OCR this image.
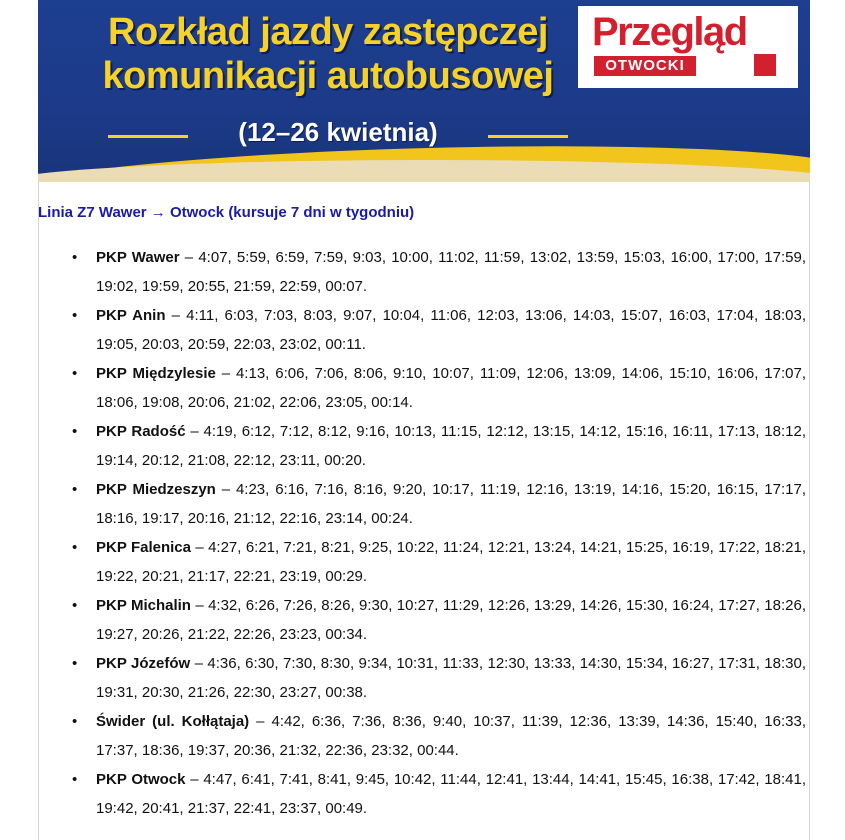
Rozkład jazdy zastępczej
komunikacji autobusowej
(12–26 kwietnia)
Przegląd
OTWOCKI
Linia Z7 Wawer → Otwock (kursuje 7 dni w tygodniu)
• PKP Wawer – 4:07, 5:59, 6:59, 7:59, 9:03, 10:00, 11:02, 11:59, 13:02, 13:59, 15:03, 16:00, 17:00, 17:59, 19:02, 19:59, 20:55, 21:59, 22:59, 00:07.
• PKP Anin – 4:11, 6:03, 7:03, 8:03, 9:07, 10:04, 11:06, 12:03, 13:06, 14:03, 15:07, 16:03, 17:04, 18:03, 19:05, 20:03, 20:59, 22:03, 23:02, 00:11.
• PKP Międzylesie – 4:13, 6:06, 7:06, 8:06, 9:10, 10:07, 11:09, 12:06, 13:09, 14:06, 15:10, 16:06, 17:07, 18:06, 19:08, 20:06, 21:02, 22:06, 23:05, 00:14.
• PKP Radość – 4:19, 6:12, 7:12, 8:12, 9:16, 10:13, 11:15, 12:12, 13:15, 14:12, 15:16, 16:11, 17:13, 18:12, 19:14, 20:12, 21:08, 22:12, 23:11, 00:20.
• PKP Miedzeszyn – 4:23, 6:16, 7:16, 8:16, 9:20, 10:17, 11:19, 12:16, 13:19, 14:16, 15:20, 16:15, 17:17, 18:16, 19:17, 20:16, 21:12, 22:16, 23:14, 00:24.
• PKP Falenica – 4:27, 6:21, 7:21, 8:21, 9:25, 10:22, 11:24, 12:21, 13:24, 14:21, 15:25, 16:19, 17:22, 18:21, 19:22, 20:21, 21:17, 22:21, 23:19, 00:29.
• PKP Michalin – 4:32, 6:26, 7:26, 8:26, 9:30, 10:27, 11:29, 12:26, 13:29, 14:26, 15:30, 16:24, 17:27, 18:26, 19:27, 20:26, 21:22, 22:26, 23:23, 00:34.
• PKP Józefów – 4:36, 6:30, 7:30, 8:30, 9:34, 10:31, 11:33, 12:30, 13:33, 14:30, 15:34, 16:27, 17:31, 18:30, 19:31, 20:30, 21:26, 22:30, 23:27, 00:38.
• Świder (ul. Kołłątaja) – 4:42, 6:36, 7:36, 8:36, 9:40, 10:37, 11:39, 12:36, 13:39, 14:36, 15:40, 16:33, 17:37, 18:36, 19:37, 20:36, 21:32, 22:36, 23:32, 00:44.
• PKP Otwock – 4:47, 6:41, 7:41, 8:41, 9:45, 10:42, 11:44, 12:41, 13:44, 14:41, 15:45, 16:38, 17:42, 18:41, 19:42, 20:41, 21:37, 22:41, 23:37, 00:49.
